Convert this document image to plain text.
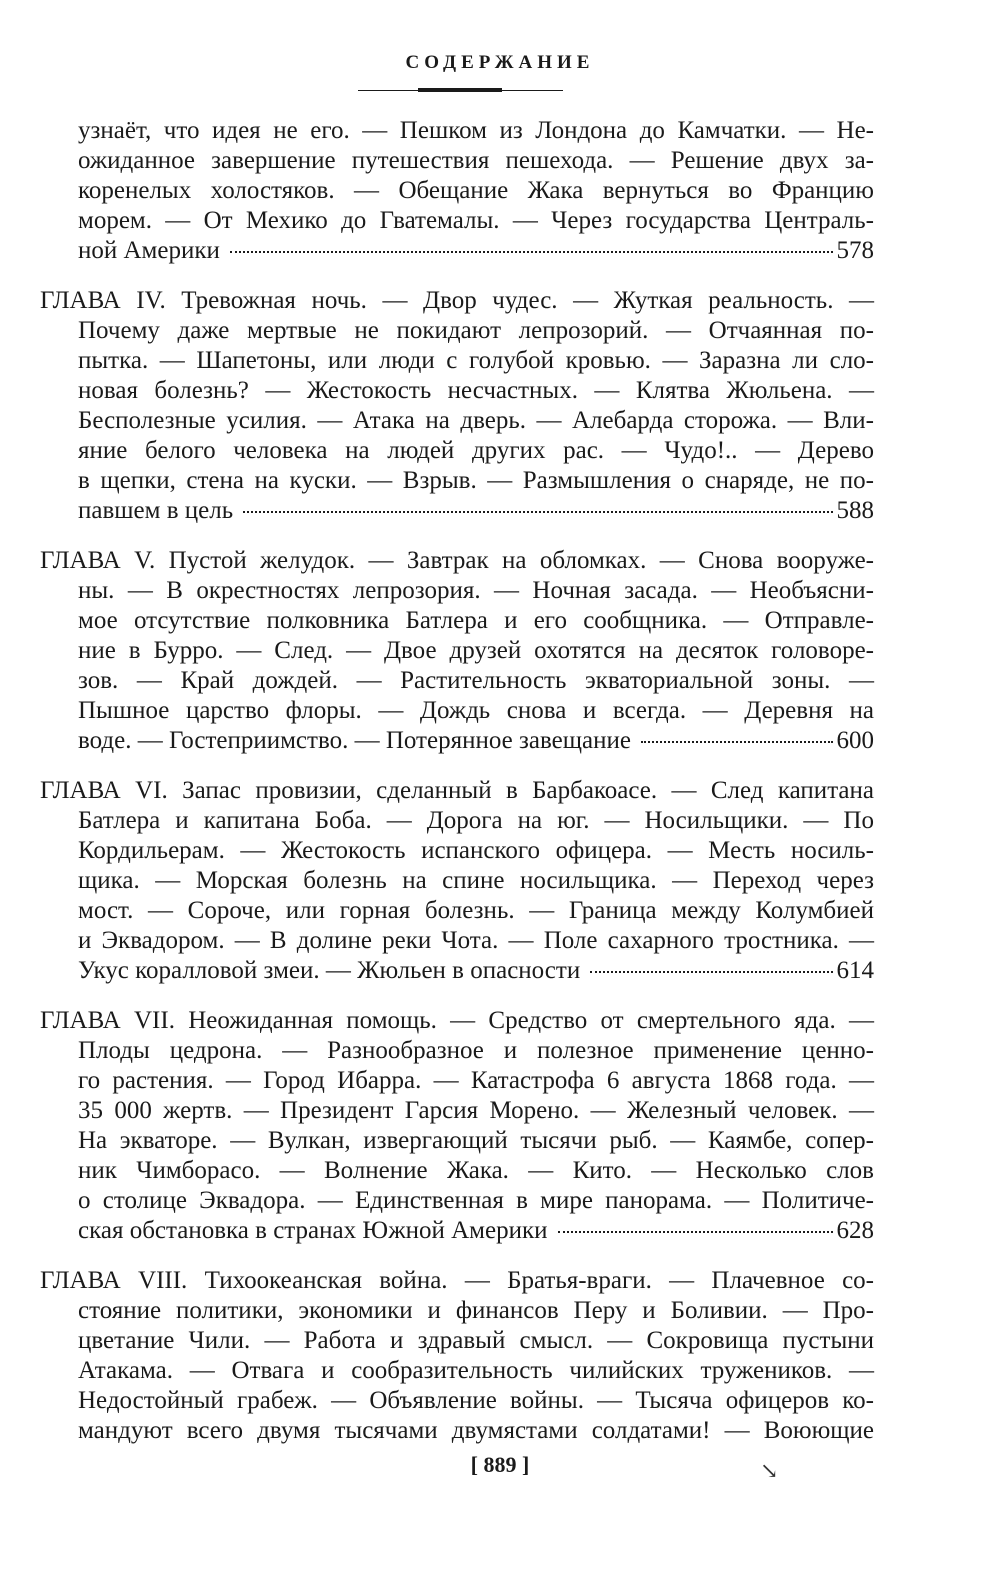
СОДЕРЖАНИЕ
узнаёт, что идея не его. — Пешком из Лондона до Камчатки. — Не-
ожиданное завершение путешествия пешехода. — Решение двух за-
коренелых холостяков. — Обещание Жака вернуться во Францию
морем. — От Мехико до Гватемалы. — Через государства Централь-
ной Америки	578
ГЛАВА IV. Тревожная ночь. — Двор чудес. — Жуткая реальность. —
Почему даже мертвые не покидают лепрозорий. — Отчаянная по-
пытка. — Шапетоны, или люди с голубой кровью. — Заразна ли сло-
новая болезнь? — Жестокость несчастных. — Клятва Жюльена. —
Бесполезные усилия. — Атака на дверь. — Алебарда сторожа. — Вли-
яние белого человека на людей других рас. — Чудо!.. — Дерево
в щепки, стена на куски. — Взрыв. — Размышления о снаряде, не по-
павшем в цель	588
ГЛАВА V. Пустой желудок. — Завтрак на обломках. — Снова вооруже-
ны. — В окрестностях лепрозория. — Ночная засада. — Необъясни-
мое отсутствие полковника Батлера и его сообщника. — Отправле-
ние в Бурро. — След. — Двое друзей охотятся на десяток головоре-
зов. — Край дождей. — Растительность экваториальной зоны. —
Пышное царство флоры. — Дождь снова и всегда. — Деревня на
воде. — Гостеприимство. — Потерянное завещание	600
ГЛАВА VI. Запас провизии, сделанный в Барбакоасе. — След капитана
Батлера и капитана Боба. — Дорога на юг. — Носильщики. — По
Кордильерам. — Жестокость испанского офицера. — Месть носиль-
щика. — Морская болезнь на спине носильщика. — Переход через
мост. — Сороче, или горная болезнь. — Граница между Колумбией
и Эквадором. — В долине реки Чота. — Поле сахарного тростника. —
Укус коралловой змеи. — Жюльен в опасности	614
ГЛАВА VII. Неожиданная помощь. — Средство от смертельного яда. —
Плоды цедрона. — Разнообразное и полезное применение ценно-
го растения. — Город Ибарра. — Катастрофа 6 августа 1868 года. —
35 000 жертв. — Президент Гарсия Морено. — Железный человек. —
На экваторе. — Вулкан, извергающий тысячи рыб. — Каямбе, сопер-
ник Чимборасо. — Волнение Жака. — Кито. — Несколько слов
о столице Эквадора. — Единственная в мире панорама. — Политиче-
ская обстановка в странах Южной Америки	628
ГЛАВА VIII. Тихоокеанская война. — Братья-враги. — Плачевное со-
стояние политики, экономики и финансов Перу и Боливии. — Про-
цветание Чили. — Работа и здравый смысл. — Сокровища пустыни
Атакама. — Отвага и сообразительность чилийских тружеников. —
Недостойный грабеж. — Объявление войны. — Тысяча офицеров ко-
мандуют всего двумя тысячами двумястами солдатами! — Воюющие
[ 889 ]	↘
